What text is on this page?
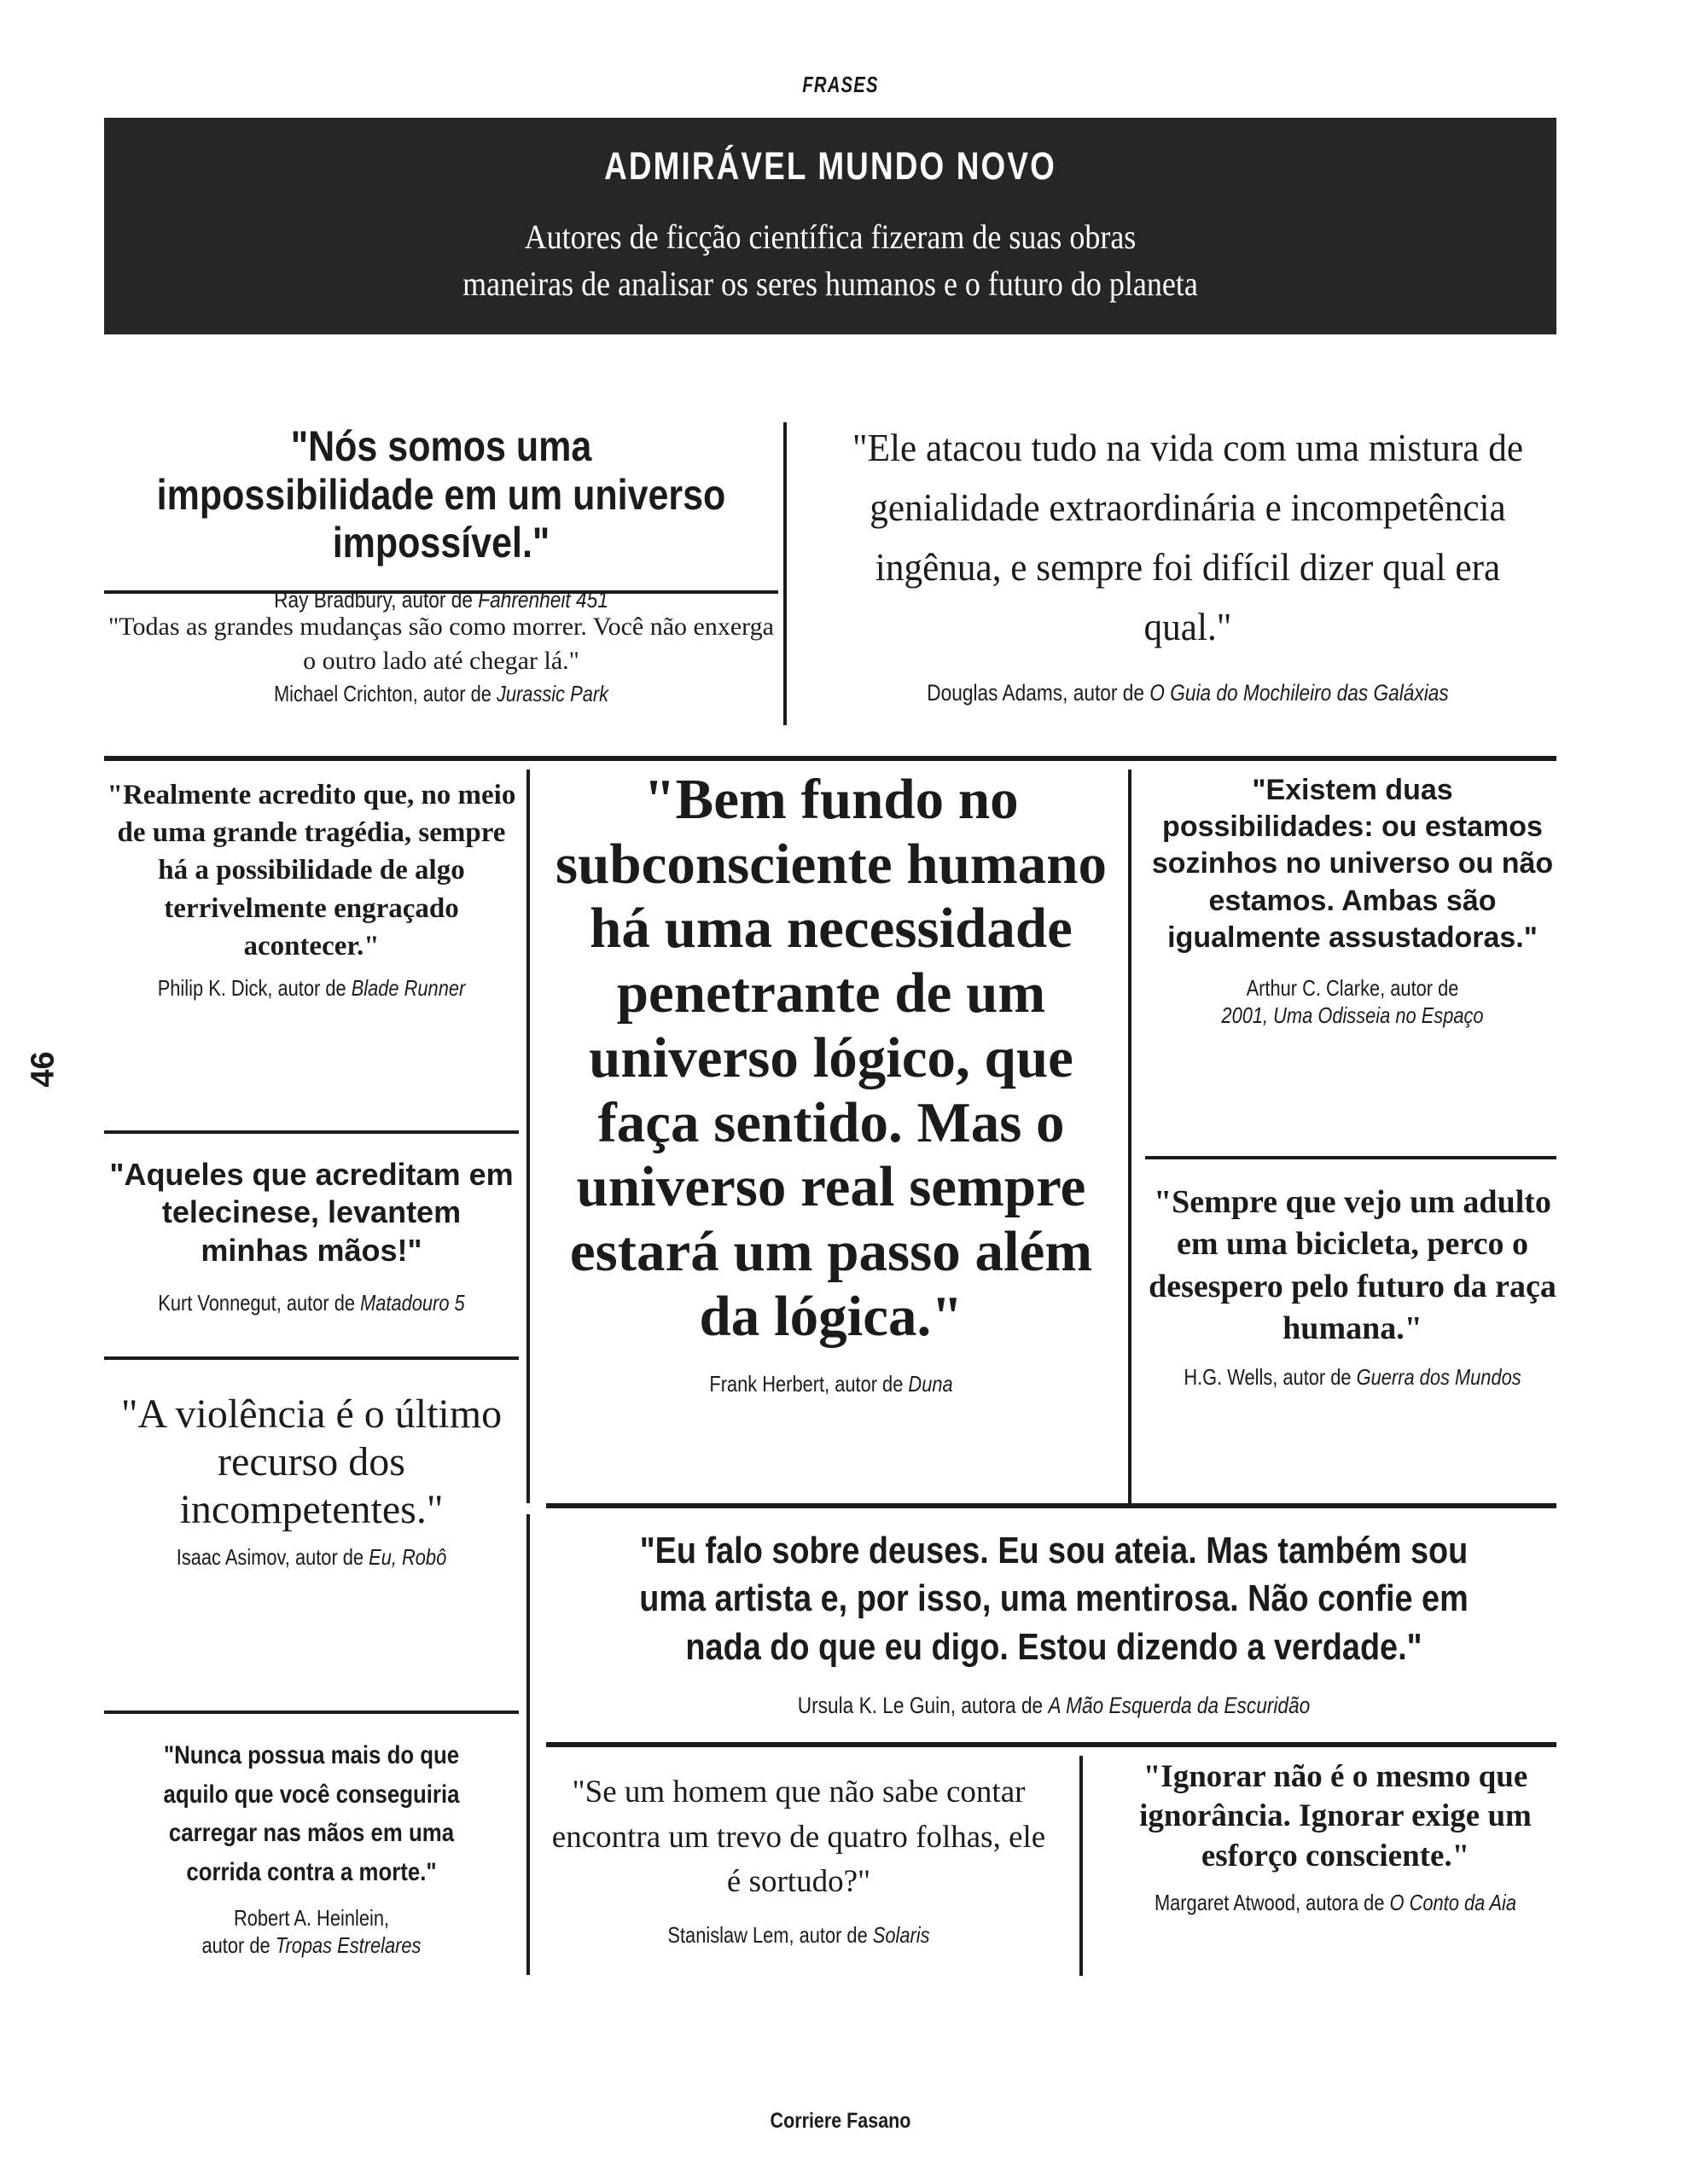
FRASES
ADMIRÁVEL MUNDO NOVO
Autores de ficção científica fizeram de suas obras
maneiras de analisar os seres humanos e o futuro do planeta
46
"Nós somos uma impossibilidade em um universo impossível."
Ray Bradbury, autor de Fahrenheit 451
"Todas as grandes mudanças são como morrer. Você não enxerga o outro lado até chegar lá."
Michael Crichton, autor de Jurassic Park
"Ele atacou tudo na vida com uma mistura de genialidade extraordinária e incompetência ingênua, e sempre foi difícil dizer qual era qual."
Douglas Adams, autor de O Guia do Mochileiro das Galáxias
"Realmente acredito que, no meio de uma grande tragédia, sempre há a possibilidade de algo terrivelmente engraçado acontecer."
Philip K. Dick, autor de Blade Runner
"Aqueles que acreditam em telecinese, levantem minhas mãos!"
Kurt Vonnegut, autor de Matadouro 5
"A violência é o último recurso dos incompetentes."
Isaac Asimov, autor de Eu, Robô
"Nunca possua mais do que aquilo que você conseguiria carregar nas mãos em uma corrida contra a morte."
Robert A. Heinlein,
autor de Tropas Estrelares
"Bem fundo no subconsciente humano há uma necessidade penetrante de um universo lógico, que faça sentido. Mas o universo real sempre estará um passo além da lógica."
Frank Herbert, autor de Duna
"Existem duas possibilidades: ou estamos sozinhos no universo ou não estamos. Ambas são igualmente assustadoras."
Arthur C. Clarke, autor de
2001, Uma Odisseia no Espaço
"Sempre que vejo um adulto em uma bicicleta, perco o desespero pelo futuro da raça humana."
H.G. Wells, autor de Guerra dos Mundos
"Eu falo sobre deuses. Eu sou ateia. Mas também sou uma artista e, por isso, uma mentirosa. Não confie em nada do que eu digo. Estou dizendo a verdade."
Ursula K. Le Guin, autora de A Mão Esquerda da Escuridão
"Se um homem que não sabe contar encontra um trevo de quatro folhas, ele é sortudo?"
Stanislaw Lem, autor de Solaris
"Ignorar não é o mesmo que ignorância. Ignorar exige um esforço consciente."
Margaret Atwood, autora de O Conto da Aia
Corriere Fasano
